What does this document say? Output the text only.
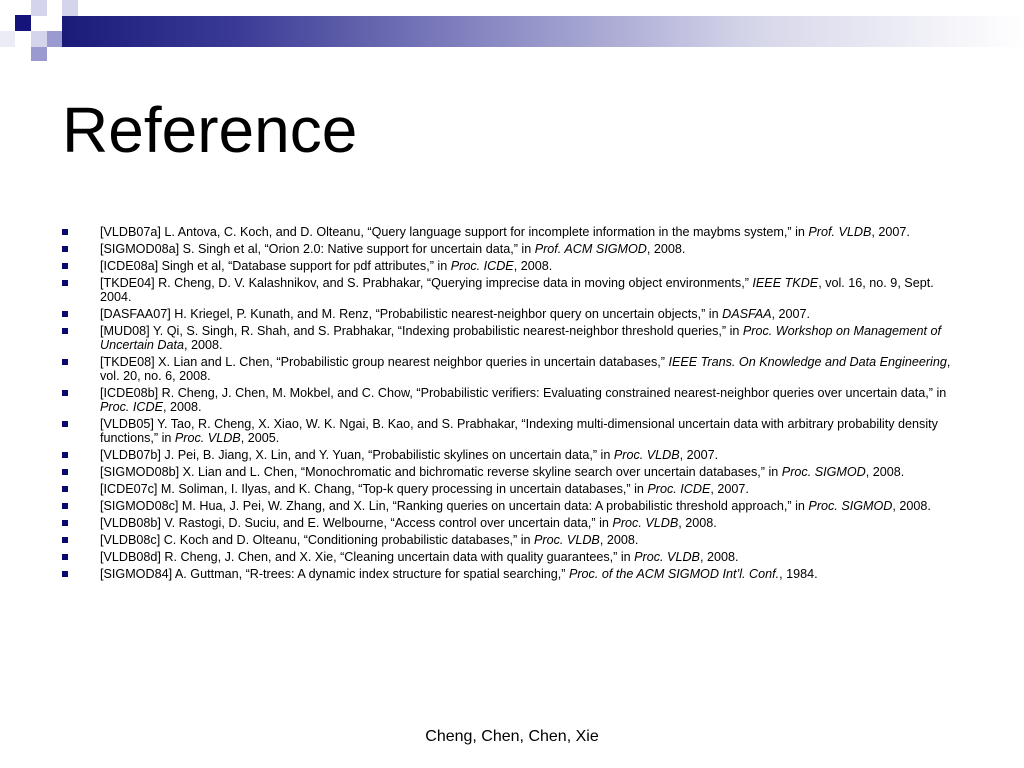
Reference
[VLDB07a] L. Antova, C. Koch, and D. Olteanu, “Query language support for incomplete information in the maybms system,” in Prof. VLDB, 2007.
[SIGMOD08a] S. Singh et al, “Orion 2.0: Native support for uncertain data,” in Prof. ACM SIGMOD, 2008.
[ICDE08a] Singh et al, “Database support for pdf attributes,” in Proc. ICDE, 2008.
[TKDE04] R. Cheng, D. V. Kalashnikov, and S. Prabhakar, “Querying imprecise data in moving object environments,” IEEE TKDE, vol. 16, no. 9, Sept. 2004.
[DASFAA07] H. Kriegel, P. Kunath, and M. Renz, “Probabilistic nearest-neighbor query on uncertain objects,” in DASFAA, 2007.
[MUD08] Y. Qi, S. Singh, R. Shah, and S. Prabhakar, “Indexing probabilistic nearest-neighbor threshold queries,” in Proc. Workshop on Management of Uncertain Data, 2008.
[TKDE08] X. Lian and L. Chen, “Probabilistic group nearest neighbor queries in uncertain databases,” IEEE Trans. On Knowledge and Data Engineering, vol. 20, no. 6, 2008.
[ICDE08b] R. Cheng, J. Chen, M. Mokbel, and C. Chow, “Probabilistic verifiers: Evaluating constrained nearest-neighbor queries over uncertain data,” in Proc. ICDE, 2008.
[VLDB05] Y. Tao, R. Cheng, X. Xiao, W. K. Ngai, B. Kao, and S. Prabhakar, “Indexing multi-dimensional uncertain data with arbitrary probability density functions,” in Proc. VLDB, 2005.
[VLDB07b] J. Pei, B. Jiang, X. Lin, and Y. Yuan, “Probabilistic skylines on uncertain data,” in Proc. VLDB, 2007.
[SIGMOD08b] X. Lian and L. Chen, “Monochromatic and bichromatic reverse skyline search over uncertain databases,” in Proc. SIGMOD, 2008.
[ICDE07c] M. Soliman, I. Ilyas, and K. Chang, “Top-k query processing in uncertain databases,” in Proc. ICDE, 2007.
[SIGMOD08c] M. Hua, J. Pei, W. Zhang, and X. Lin, “Ranking queries on uncertain data: A probabilistic threshold approach,” in Proc. SIGMOD, 2008.
[VLDB08b] V. Rastogi, D. Suciu, and E. Welbourne, “Access control over uncertain data,” in Proc. VLDB, 2008.
[VLDB08c] C. Koch and D. Olteanu, “Conditioning probabilistic databases,” in Proc. VLDB, 2008.
[VLDB08d] R. Cheng, J. Chen, and X. Xie, “Cleaning uncertain data with quality guarantees,” in Proc. VLDB, 2008.
[SIGMOD84] A. Guttman, “R-trees: A dynamic index structure for spatial searching,” Proc. of the ACM SIGMOD Int’l. Conf., 1984.
Cheng, Chen, Chen, Xie
